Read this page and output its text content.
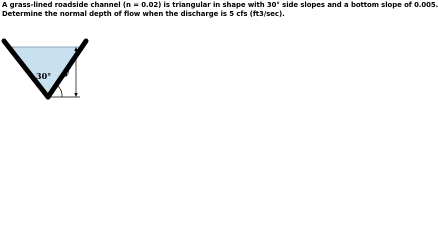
A grass-lined roadside channel (n = 0.02) is triangular in shape with 30° side slopes and a bottom slope of 0.005.
Determine the normal depth of flow when the discharge is 5 cfs (ft3/sec).

30° y
